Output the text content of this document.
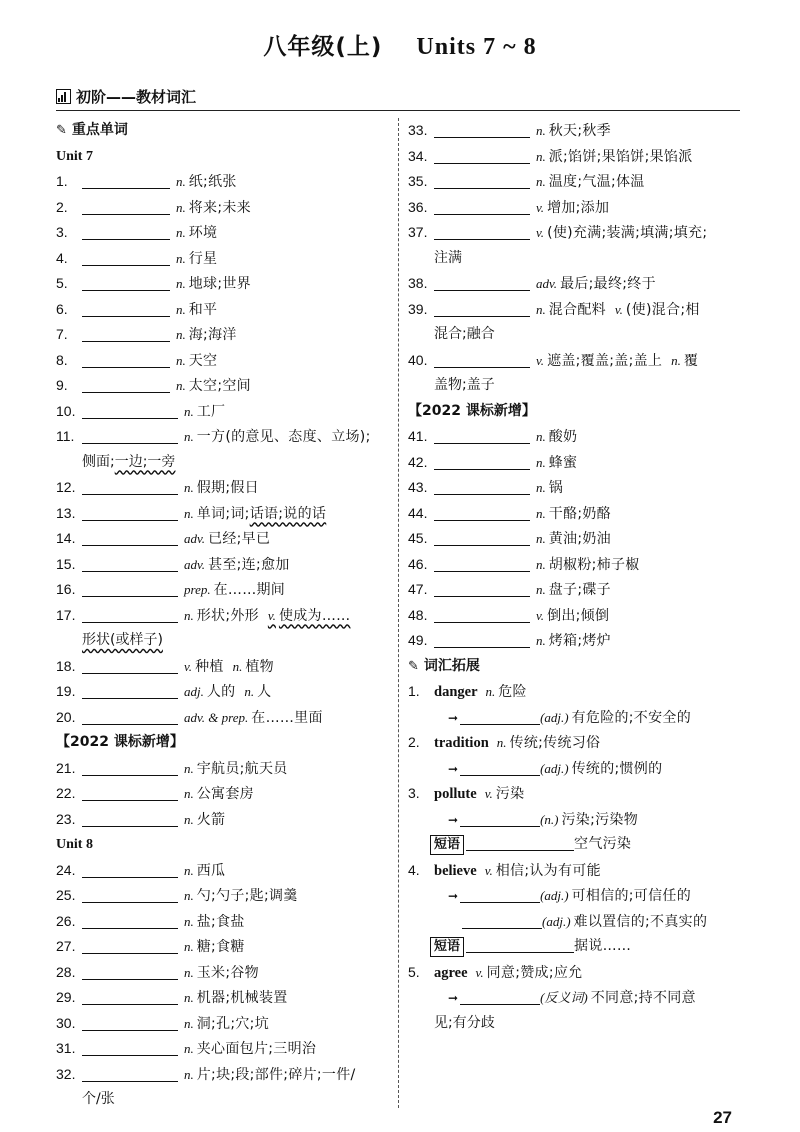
八年级(上) Units 7 ~ 8
初阶——教材词汇
✎ 重点单词
Unit 7
1.	n. 纸;纸张
2.	n. 将来;未来
3.	n. 环境
4.	n. 行星
5.	n. 地球;世界
6.	n. 和平
7.	n. 海;海洋
8.	n. 天空
9.	n. 太空;空间
10.	n. 工厂
11.	n. 一方(的意见、态度、立场);
侧面;一边;一旁
12.	n. 假期;假日
13.	n. 单词;词;话语;说的话
14.	adv. 已经;早已
15.	adv. 甚至;连;愈加
16.	prep. 在……期间
17.	n. 形状;外形 v. 使成为……
形状(或样子)
18.	v. 种植 n. 植物
19.	adj. 人的 n. 人
20.	adv. & prep. 在……里面
【2022 课标新增】
21.	n. 宇航员;航天员
22.	n. 公寓套房
23.	n. 火箭
Unit 8
24.	n. 西瓜
25.	n. 勺;勺子;匙;调羹
26.	n. 盐;食盐
27.	n. 糖;食糖
28.	n. 玉米;谷物
29.	n. 机器;机械装置
30.	n. 洞;孔;穴;坑
31.	n. 夹心面包片;三明治
32.	n. 片;块;段;部件;碎片;一件/
个/张
33.	n. 秋天;秋季
34.	n. 派;馅饼;果馅饼;果馅派
35.	n. 温度;气温;体温
36.	v. 增加;添加
37.	v. (使)充满;装满;填满;填充;
注满
38.	adv. 最后;最终;终于
39.	n. 混合配料 v. (使)混合;相
混合;融合
40.	v. 遮盖;覆盖;盖;盖上 n. 覆
盖物;盖子
【2022 课标新增】
41.	n. 酸奶
42.	n. 蜂蜜
43.	n. 锅
44.	n. 干酪;奶酪
45.	n. 黄油;奶油
46.	n. 胡椒粉;柿子椒
47.	n. 盘子;碟子
48.	v. 倒出;倾倒
49.	n. 烤箱;烤炉
✎ 词汇拓展
1. danger n. 危险
➞	(adj.) 有危险的;不安全的
2. tradition n. 传统;传统习俗
➞	(adj.) 传统的;惯例的
3. pollute v. 污染
➞	(n.) 污染;污染物
短语	空气污染
4. believe v. 相信;认为有可能
➞	(adj.) 可相信的;可信任的
(adj.) 难以置信的;不真实的
短语	据说……
5. agree v. 同意;赞成;应允
➞	(反义词) 不同意;持不同意
见;有分歧
27
